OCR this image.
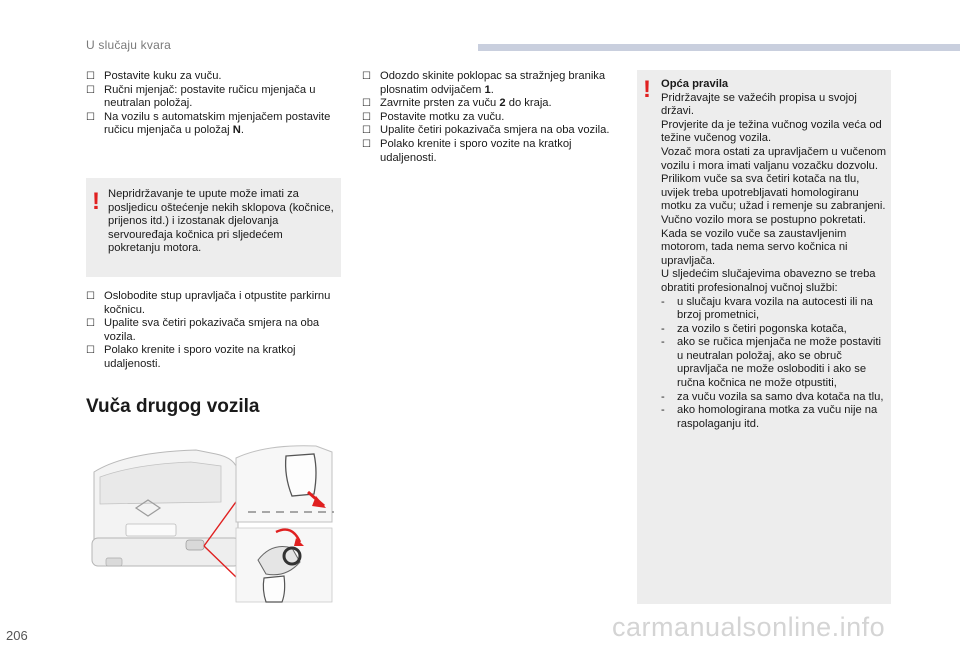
U slučaju kvara
☐ Postavite kuku za vuču.
☐ Ručni mjenjač: postavite ručicu mjenjača u neutralan položaj.
☐ Na vozilu s automatskim mjenjačem postavite ručicu mjenjača u položaj N.
! Nepridržavanje te upute može imati za posljedicu oštećenje nekih sklopova (kočnice, prijenos itd.) i izostanak djelovanja servouređaja kočnica pri sljedećem pokretanju motora.
☐ Oslobodite stup upravljača i otpustite parkirnu kočnicu.
☐ Upalite sva četiri pokazivača smjera na oba vozila.
☐ Polako krenite i sporo vozite na kratkoj udaljenosti.
Vuča drugog vozila
☐ Odozdo skinite poklopac sa stražnjeg branika plosnatim odvijačem 1.
☐ Zavrnite prsten za vuču 2 do kraja.
☐ Postavite motku za vuču.
☐ Upalite četiri pokazivača smjera na oba vozila.
☐ Polako krenite i sporo vozite na kratkoj udaljenosti.
! Opća pravila
Pridržavajte se važećih propisa u svojoj državi.
Provjerite da je težina vučnog vozila veća od težine vučenog vozila.
Vozač mora ostati za upravljačem u vučenom vozilu i mora imati valjanu vozačku dozvolu.
Prilikom vuče sa sva četiri kotača na tlu, uvijek treba upotrebljavati homologiranu motku za vuču; užad i remenje su zabranjeni.
Vučno vozilo mora se postupno pokretati. Kada se vozilo vuče sa zaustavljenim motorom, tada nema servo kočnica ni upravljača.
U sljedećim slučajevima obavezno se treba obratiti profesionalnoj vučnoj službi:
- u slučaju kvara vozila na autocesti ili na brzoj prometnici,
- za vozilo s četiri pogonska kotača,
- ako se ručica mjenjača ne može postaviti u neutralan položaj, ako se obruč upravljača ne može osloboditi i ako se ručna kočnica ne može otpustiti,
- za vuču vozila sa samo dva kotača na tlu,
- ako homologirana motka za vuču nije na raspolaganju itd.
206	carmanualsonline.info
